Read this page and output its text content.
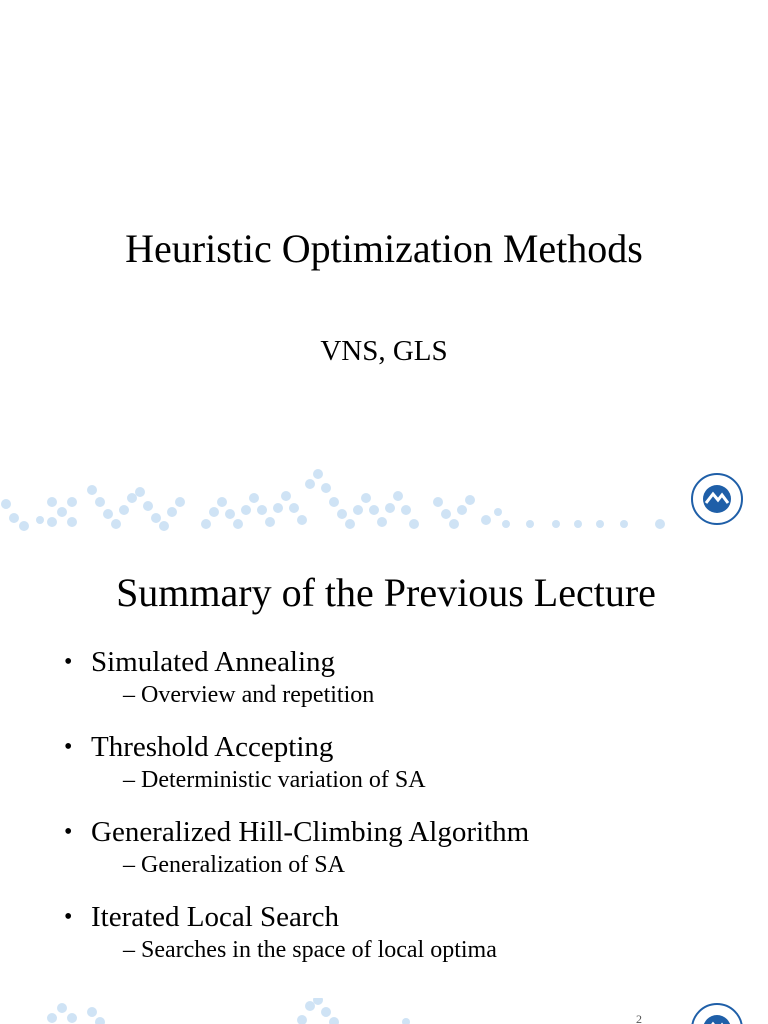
Heuristic Optimization Methods
VNS, GLS
Summary of the Previous Lecture
• Simulated Annealing
– Overview and repetition
• Threshold Accepting
– Deterministic variation of SA
• Generalized Hill-Climbing Algorithm
– Generalization of SA
• Iterated Local Search
– Searches in the space of local optima
2
